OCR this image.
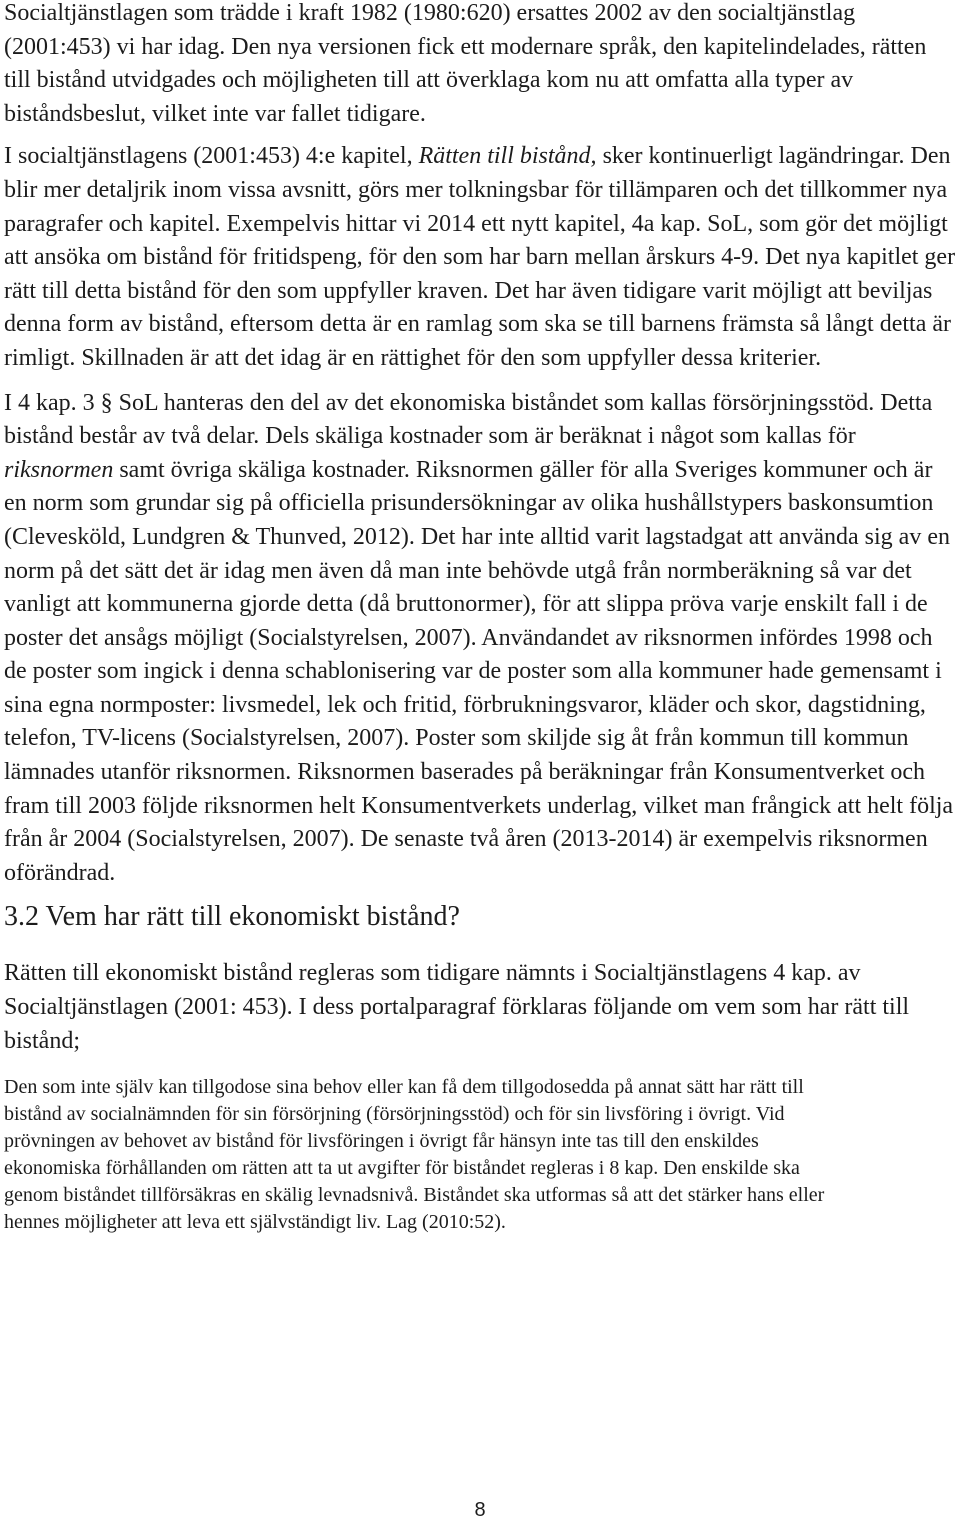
Socialtjänstlagen som trädde i kraft 1982 (1980:620) ersattes 2002 av den socialtjänstlag (2001:453) vi har idag. Den nya versionen fick ett modernare språk, den kapitelindelades, rätten till bistånd utvidgades och möjligheten till att överklaga kom nu att omfatta alla typer av biståndsbeslut, vilket inte var fallet tidigare.

I socialtjänstlagens (2001:453) 4:e kapitel, Rätten till bistånd, sker kontinuerligt lagändringar. Den blir mer detaljrik inom vissa avsnitt, görs mer tolkningsbar för tillämparen och det tillkommer nya paragrafer och kapitel. Exempelvis hittar vi 2014 ett nytt kapitel, 4a kap. SoL, som gör det möjligt att ansöka om bistånd för fritidspeng, för den som har barn mellan årskurs 4-9. Det nya kapitlet ger rätt till detta bistånd för den som uppfyller kraven. Det har även tidigare varit möjligt att beviljas denna form av bistånd, eftersom detta är en ramlag som ska se till barnens främsta så långt detta är rimligt. Skillnaden är att det idag är en rättighet för den som uppfyller dessa kriterier.

I 4 kap. 3 § SoL hanteras den del av det ekonomiska biståndet som kallas försörjningsstöd. Detta bistånd består av två delar. Dels skäliga kostnader som är beräknat i något som kallas för riksnormen samt övriga skäliga kostnader. Riksnormen gäller för alla Sveriges kommuner och är en norm som grundar sig på officiella prisundersökningar av olika hushållstypers baskonsumtion (Clevesköld, Lundgren & Thunved, 2012). Det har inte alltid varit lagstadgat att använda sig av en norm på det sätt det är idag men även då man inte behövde utgå från normberäkning så var det vanligt att kommunerna gjorde detta (då bruttonormer), för att slippa pröva varje enskilt fall i de poster det ansågs möjligt (Socialstyrelsen, 2007). Användandet av riksnormen infördes 1998 och de poster som ingick i denna schablonisering var de poster som alla kommuner hade gemensamt i sina egna normposter: livsmedel, lek och fritid, förbrukningsvaror, kläder och skor, dagstidning, telefon, TV-licens (Socialstyrelsen, 2007). Poster som skiljde sig åt från kommun till kommun lämnades utanför riksnormen. Riksnormen baserades på beräkningar från Konsumentverket och fram till 2003 följde riksnormen helt Konsumentverkets underlag, vilket man frångick att helt följa från år 2004 (Socialstyrelsen, 2007). De senaste två åren (2013-2014) är exempelvis riksnormen oförändrad.

3.2 Vem har rätt till ekonomiskt bistånd?

Rätten till ekonomiskt bistånd regleras som tidigare nämnts i Socialtjänstlagens 4 kap. av Socialtjänstlagen (2001: 453). I dess portalparagraf förklaras följande om vem som har rätt till bistånd;

Den som inte själv kan tillgodose sina behov eller kan få dem tillgodosedda på annat sätt har rätt till bistånd av socialnämnden för sin försörjning (försörjningsstöd) och för sin livsföring i övrigt. Vid prövningen av behovet av bistånd för livsföringen i övrigt får hänsyn inte tas till den enskildes ekonomiska förhållanden om rätten att ta ut avgifter för biståndet regleras i 8 kap. Den enskilde ska genom biståndet tillförsäkras en skälig levnadsnivå. Biståndet ska utformas så att det stärker hans eller hennes möjligheter att leva ett självständigt liv. Lag (2010:52).

8
